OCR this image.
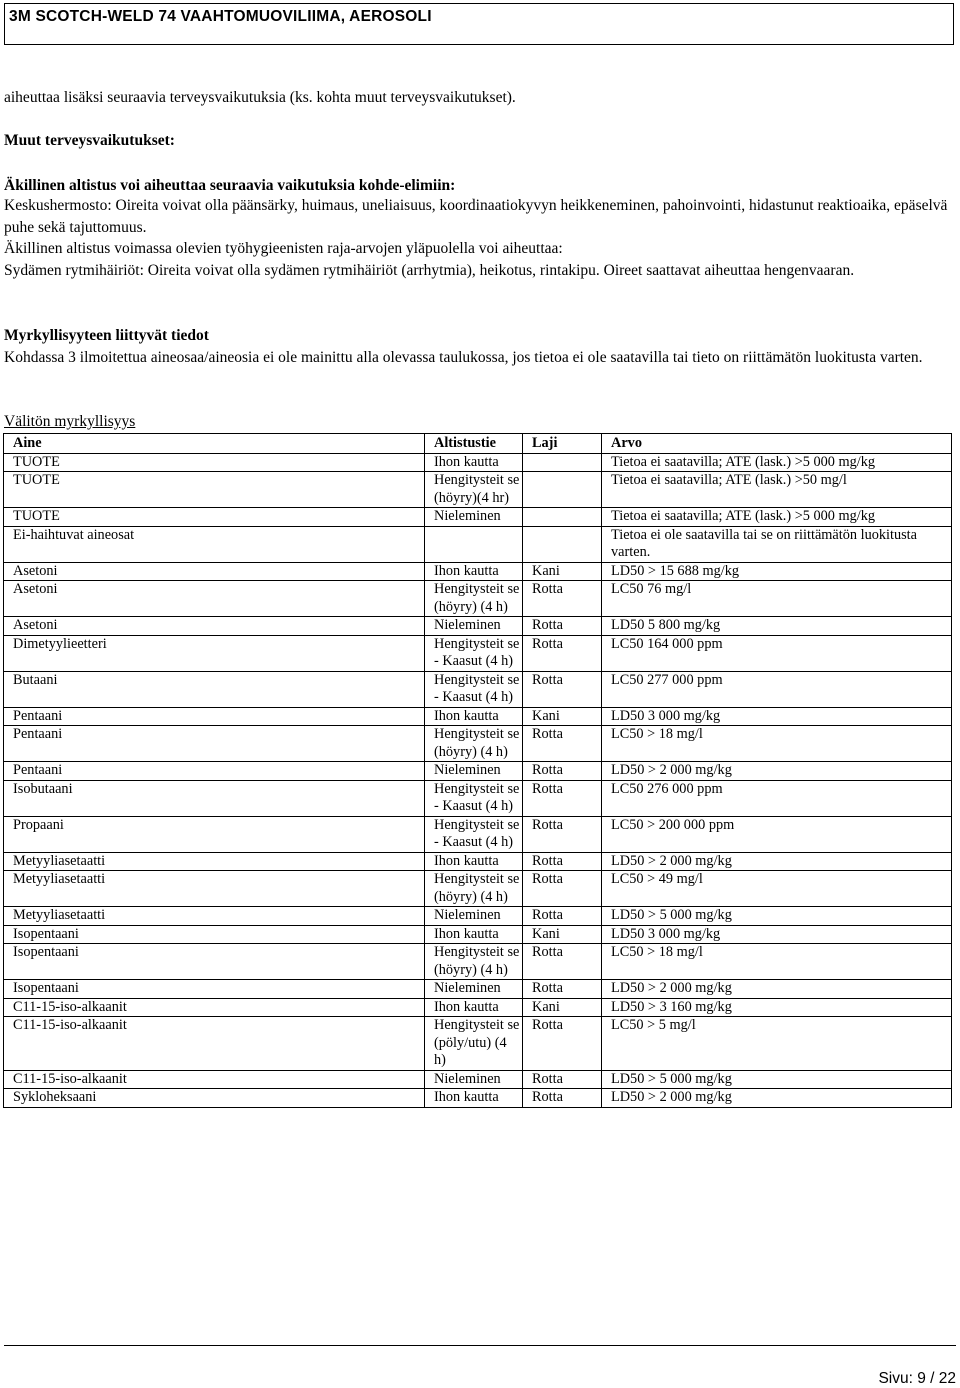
3M SCOTCH-WELD 74 VAAHTOMUOVILIIMA, AEROSOLI
aiheuttaa lisäksi seuraavia terveysvaikutuksia (ks. kohta muut terveysvaikutukset).
Muut terveysvaikutukset:
Äkillinen altistus voi aiheuttaa seuraavia vaikutuksia kohde-elimiin:
Keskushermosto: Oireita voivat olla päänsärky, huimaus, uneliaisuus, koordinaatiokyvyn heikkeneminen, pahoinvointi, hidastunut reaktioaika, epäselvä puhe sekä tajuttomuus.
Äkillinen altistus voimassa olevien työhygieenisten raja-arvojen yläpuolella voi aiheuttaa:
Sydämen rytmihäiriöt: Oireita voivat olla sydämen rytmihäiriöt (arrhytmia), heikotus, rintakipu. Oireet saattavat aiheuttaa hengenvaaran.
Myrkyllisyyteen liittyvät tiedot
Kohdassa 3 ilmoitettua aineosaa/aineosia ei ole mainittu alla olevassa taulukossa, jos tietoa ei ole saatavilla tai tieto on riittämätön luokitusta varten.
Välitön myrkyllisyys
Aine	Altistustie	Laji	Arvo
TUOTE	Ihon kautta		Tietoa ei saatavilla; ATE (lask.) >5 000 mg/kg
TUOTE	Hengitysteit se (höyry)(4 hr)		Tietoa ei saatavilla; ATE (lask.) >50 mg/l
TUOTE	Nieleminen		Tietoa ei saatavilla; ATE (lask.) >5 000 mg/kg
Ei-haihtuvat aineosat			Tietoa ei ole saatavilla tai se on riittämätön luokitusta varten.
Asetoni	Ihon kautta	Kani	LD50 > 15 688 mg/kg
Asetoni	Hengitysteit se (höyry) (4 h)	Rotta	LC50 76 mg/l
Asetoni	Nieleminen	Rotta	LD50 5 800 mg/kg
Dimetyylieetteri	Hengitysteit se - Kaasut (4 h)	Rotta	LC50 164 000 ppm
Butaani	Hengitysteit se - Kaasut (4 h)	Rotta	LC50 277 000 ppm
Pentaani	Ihon kautta	Kani	LD50 3 000 mg/kg
Pentaani	Hengitysteit se (höyry) (4 h)	Rotta	LC50 > 18 mg/l
Pentaani	Nieleminen	Rotta	LD50 > 2 000 mg/kg
Isobutaani	Hengitysteit se - Kaasut (4 h)	Rotta	LC50 276 000 ppm
Propaani	Hengitysteit se - Kaasut (4 h)	Rotta	LC50 > 200 000 ppm
Metyyliasetaatti	Ihon kautta	Rotta	LD50 > 2 000 mg/kg
Metyyliasetaatti	Hengitysteit se (höyry) (4 h)	Rotta	LC50 > 49 mg/l
Metyyliasetaatti	Nieleminen	Rotta	LD50 > 5 000 mg/kg
Isopentaani	Ihon kautta	Kani	LD50 3 000 mg/kg
Isopentaani	Hengitysteit se (höyry) (4 h)	Rotta	LC50 > 18 mg/l
Isopentaani	Nieleminen	Rotta	LD50 > 2 000 mg/kg
C11-15-iso-alkaanit	Ihon kautta	Kani	LD50 > 3 160 mg/kg
C11-15-iso-alkaanit	Hengitysteit se (pöly/utu) (4 h)	Rotta	LC50 > 5 mg/l
C11-15-iso-alkaanit	Nieleminen	Rotta	LD50 > 5 000 mg/kg
Sykloheksaani	Ihon kautta	Rotta	LD50 > 2 000 mg/kg
Sivu: 9 / 22
